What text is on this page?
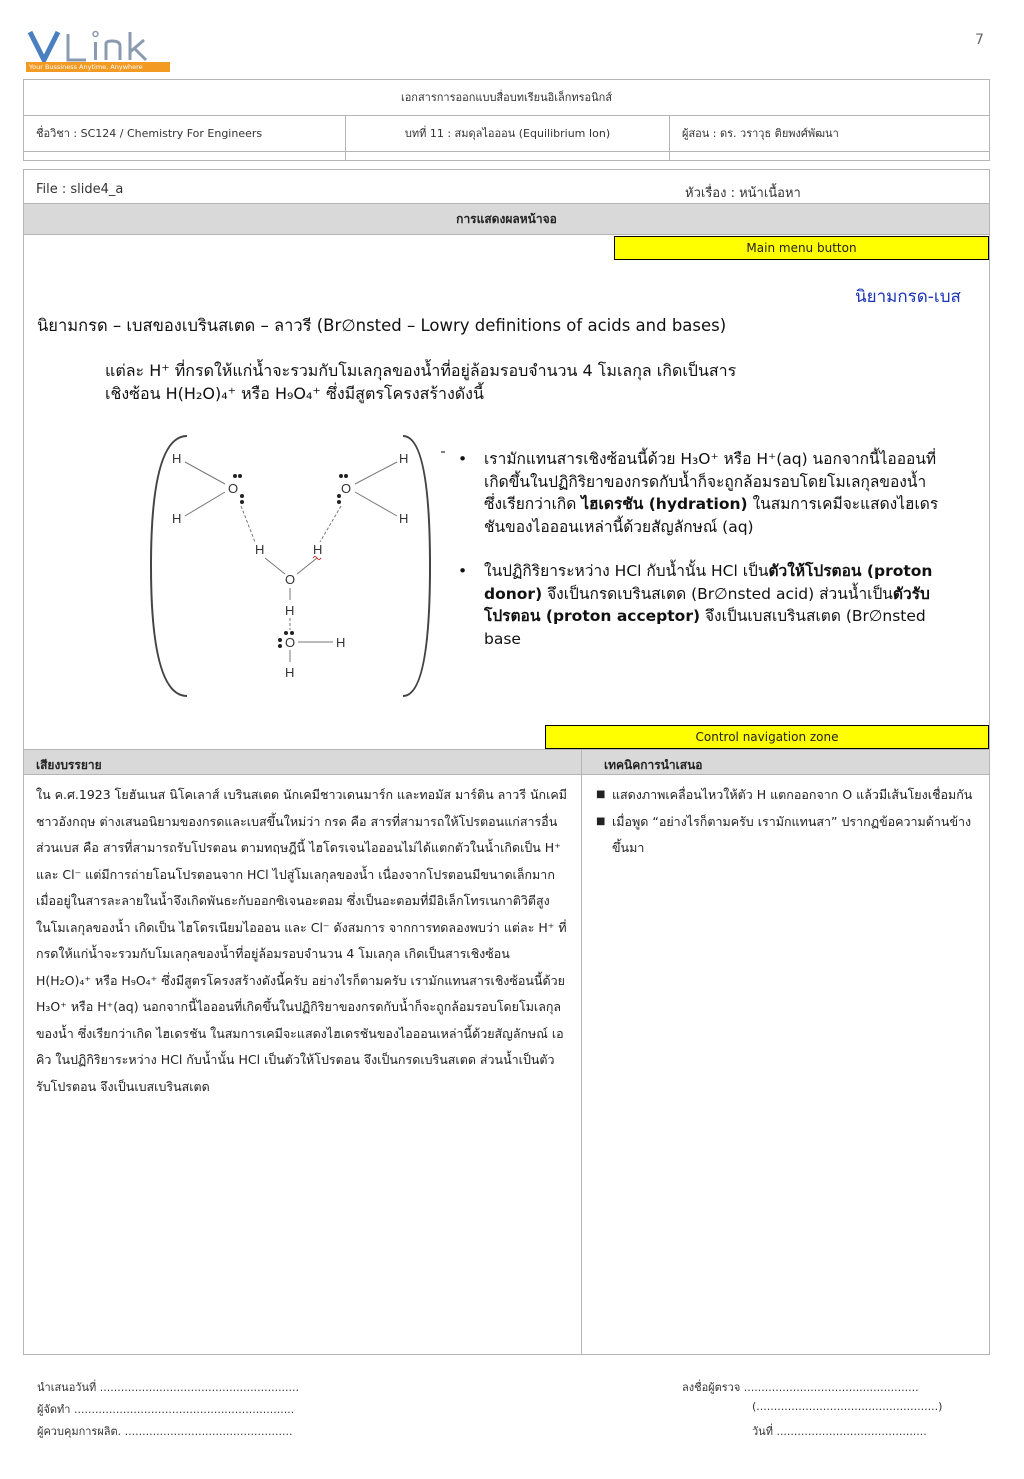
7
Your Bussiness Anytime, Anywhere
เอกสารการออกแบบสื่อบทเรียนอิเล็กทรอนิกส์
ชื่อวิชา : SC124 / Chemistry For Engineers	บทที่ 11 : สมดุลไอออน (Equilibrium Ion)	ผู้สอน : ดร. วราวุธ ติยพงศ์พัฒนา
File : slide4_a	หัวเรื่อง : หน้าเนื้อหา
การแสดงผลหน้าจอ
Main menu button
นิยามกรด-เบส
นิยามกรด – เบสของเบรินสเตด – ลาวรี (Br∅nsted – Lowry definitions of acids and bases)
แต่ละ H⁺ ที่กรดให้แก่น้ำจะรวมกับโมเลกุลของน้ำที่อยู่ล้อมรอบจำนวน 4 โมเลกุล เกิดเป็นสาร
เชิงซ้อน H(H₂O)₄⁺ หรือ H₉O₄⁺ ซึ่งมีสูตรโครงสร้างดังนี้
H
H
O
H
H
O
H	H
O
H
O	H
H
• เรามักแทนสารเชิงซ้อนนี้ด้วย H₃O⁺ หรือ H⁺(aq) นอกจากนี้ไอออนที่เกิดขึ้นในปฏิกิริยาของกรดกับน้ำก็จะถูกล้อมรอบโดยโมเลกุลของน้ำ ซึ่งเรียกว่าเกิด ไฮเดรชัน (hydration) ในสมการเคมีจะแสดงไฮเดรชันของไอออนเหล่านี้ด้วยสัญลักษณ์ (aq)
• ในปฏิกิริยาระหว่าง HCl กับน้ำนั้น HCl เป็นตัวให้โปรตอน (proton donor) จึงเป็นกรดเบรินสเตด (Br∅nsted acid) ส่วนน้ำเป็นตัวรับโปรตอน (proton acceptor) จึงเป็นเบสเบรินสเตด (Br∅nsted base
Control navigation zone
เสียงบรรยาย	เทคนิคการนำเสนอ
ใน ค.ศ.1923 โยฮันเนส นิโคเลาส์ เบรินสเตด นักเคมีชาวเดนมาร์ก และทอมัส มาร์ติน ลาวรี นักเคมีชาวอังกฤษ ต่างเสนอนิยามของกรดและเบสขึ้นใหม่ว่า กรด คือ สารที่สามารถให้โปรตอนแก่สารอื่น ส่วนเบส คือ สารที่สามารถรับโปรตอน ตามทฤษฎีนี้ ไฮโดรเจนไอออนไม่ได้แตกตัวในน้ำเกิดเป็น H⁺ และ Cl⁻ แต่มีการถ่ายโอนโปรตอนจาก HCl ไปสู่โมเลกุลของน้ำ เนื่องจากโปรตอนมีขนาดเล็กมาก เมื่ออยู่ในสารละลายในน้ำจึงเกิดพันธะกับออกซิเจนอะตอม ซึ่งเป็นอะตอมที่มีอิเล็กโทรเนกาติวิตีสูง ในโมเลกุลของน้ำ เกิดเป็น ไฮโดรเนียมไอออน และ Cl⁻ ดังสมการ จากการทดลองพบว่า แต่ละ H⁺ ที่กรดให้แก่น้ำจะรวมกับโมเลกุลของน้ำที่อยู่ล้อมรอบจำนวน 4 โมเลกุล เกิดเป็นสารเชิงซ้อน H(H₂O)₄⁺ หรือ H₉O₄⁺ ซึ่งมีสูตรโครงสร้างดังนี้ครับ อย่างไรก็ตามครับ เรามักแทนสารเชิงซ้อนนี้ด้วย H₃O⁺ หรือ H⁺(aq) นอกจากนี้ไอออนที่เกิดขึ้นในปฏิกิริยาของกรดกับน้ำก็จะถูกล้อมรอบโดยโมเลกุลของน้ำ ซึ่งเรียกว่าเกิด ไฮเดรชัน ในสมการเคมีจะแสดงไฮเดรชันของไอออนเหล่านี้ด้วยสัญลักษณ์ เอคิว ในปฏิกิริยาระหว่าง HCl กับน้ำนั้น HCl เป็นตัวให้โปรตอน จึงเป็นกรดเบรินสเตด ส่วนน้ำเป็นตัวรับโปรตอน จึงเป็นเบสเบรินสเตด
■ แสดงภาพเคลื่อนไหวให้ตัว H แตกออกจาก O แล้วมีเส้นโยงเชื่อมกัน
■ เมื่อพูด “อย่างไรก็ตามครับ เรามักแทนสา” ปรากฏข้อความด้านข้างขึ้นมา
นำเสนอวันที่ .........................................................
ผู้จัดทำ ...............................................................
ผู้ควบคุมการผลิต. ................................................
ลงชื่อผู้ตรวจ ..................................................
(....................................................)
วันที่ ...........................................
